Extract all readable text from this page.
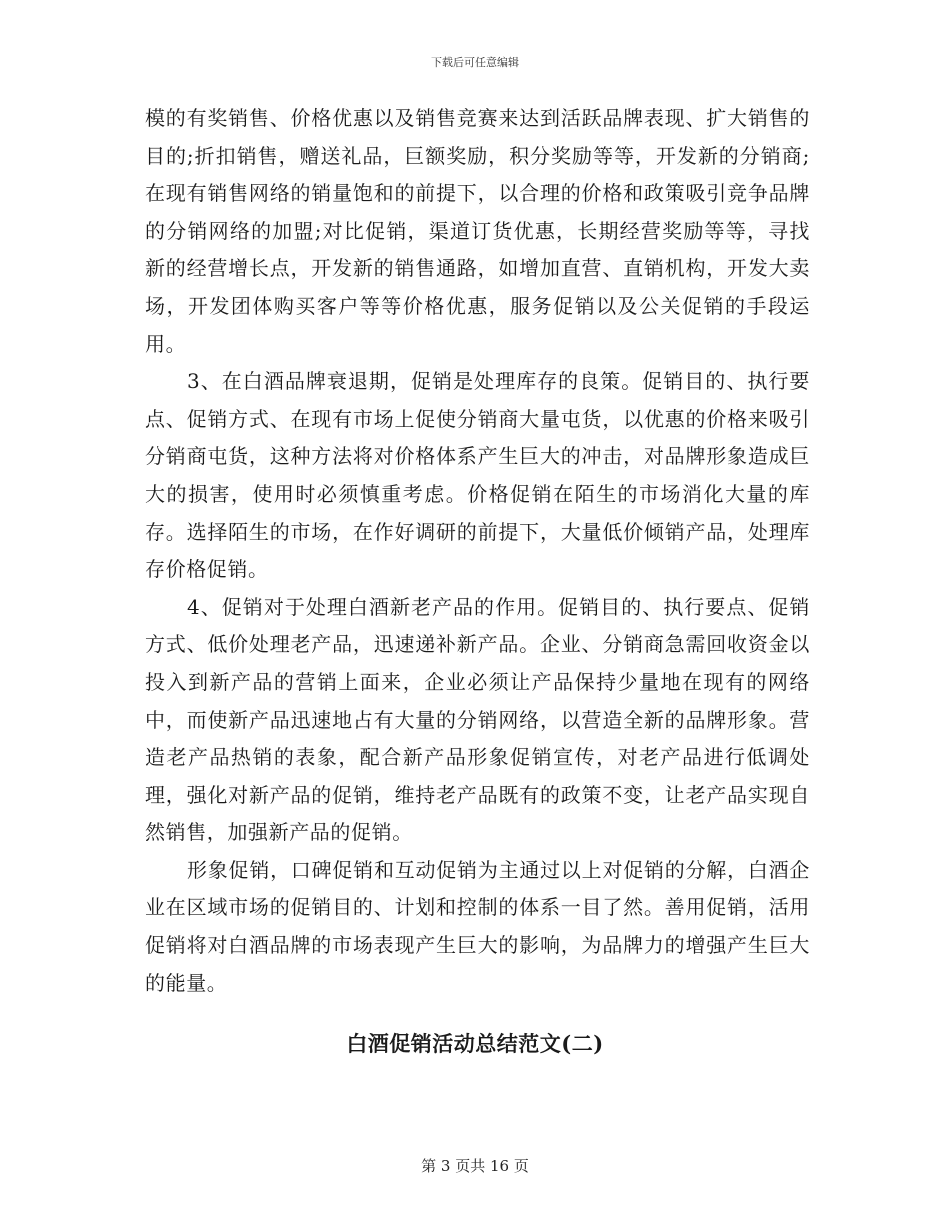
下载后可任意编辑

模的有奖销售、价格优惠以及销售竞赛来达到活跃品牌表现、扩大销售的目的;折扣销售，赠送礼品，巨额奖励，积分奖励等等，开发新的分销商;在现有销售网络的销量饱和的前提下，以合理的价格和政策吸引竞争品牌的分销网络的加盟;对比促销，渠道订货优惠，长期经营奖励等等，寻找新的经营增长点，开发新的销售通路，如增加直营、直销机构，开发大卖场，开发团体购买客户等等价格优惠，服务促销以及公关促销的手段运用。

3、在白酒品牌衰退期，促销是处理库存的良策。促销目的、执行要点、促销方式、在现有市场上促使分销商大量屯货，以优惠的价格来吸引分销商屯货，这种方法将对价格体系产生巨大的冲击，对品牌形象造成巨大的损害，使用时必须慎重考虑。价格促销在陌生的市场消化大量的库存。选择陌生的市场，在作好调研的前提下，大量低价倾销产品，处理库存价格促销。

4、促销对于处理白酒新老产品的作用。促销目的、执行要点、促销方式、低价处理老产品，迅速递补新产品。企业、分销商急需回收资金以投入到新产品的营销上面来，企业必须让产品保持少量地在现有的网络中，而使新产品迅速地占有大量的分销网络，以营造全新的品牌形象。营造老产品热销的表象，配合新产品形象促销宣传，对老产品进行低调处理，强化对新产品的促销，维持老产品既有的政策不变，让老产品实现自然销售，加强新产品的促销。

形象促销，口碑促销和互动促销为主通过以上对促销的分解，白酒企业在区域市场的促销目的、计划和控制的体系一目了然。善用促销，活用促销将对白酒品牌的市场表现产生巨大的影响，为品牌力的增强产生巨大的能量。

白酒促销活动总结范文(二)
第 3 页共 16 页
